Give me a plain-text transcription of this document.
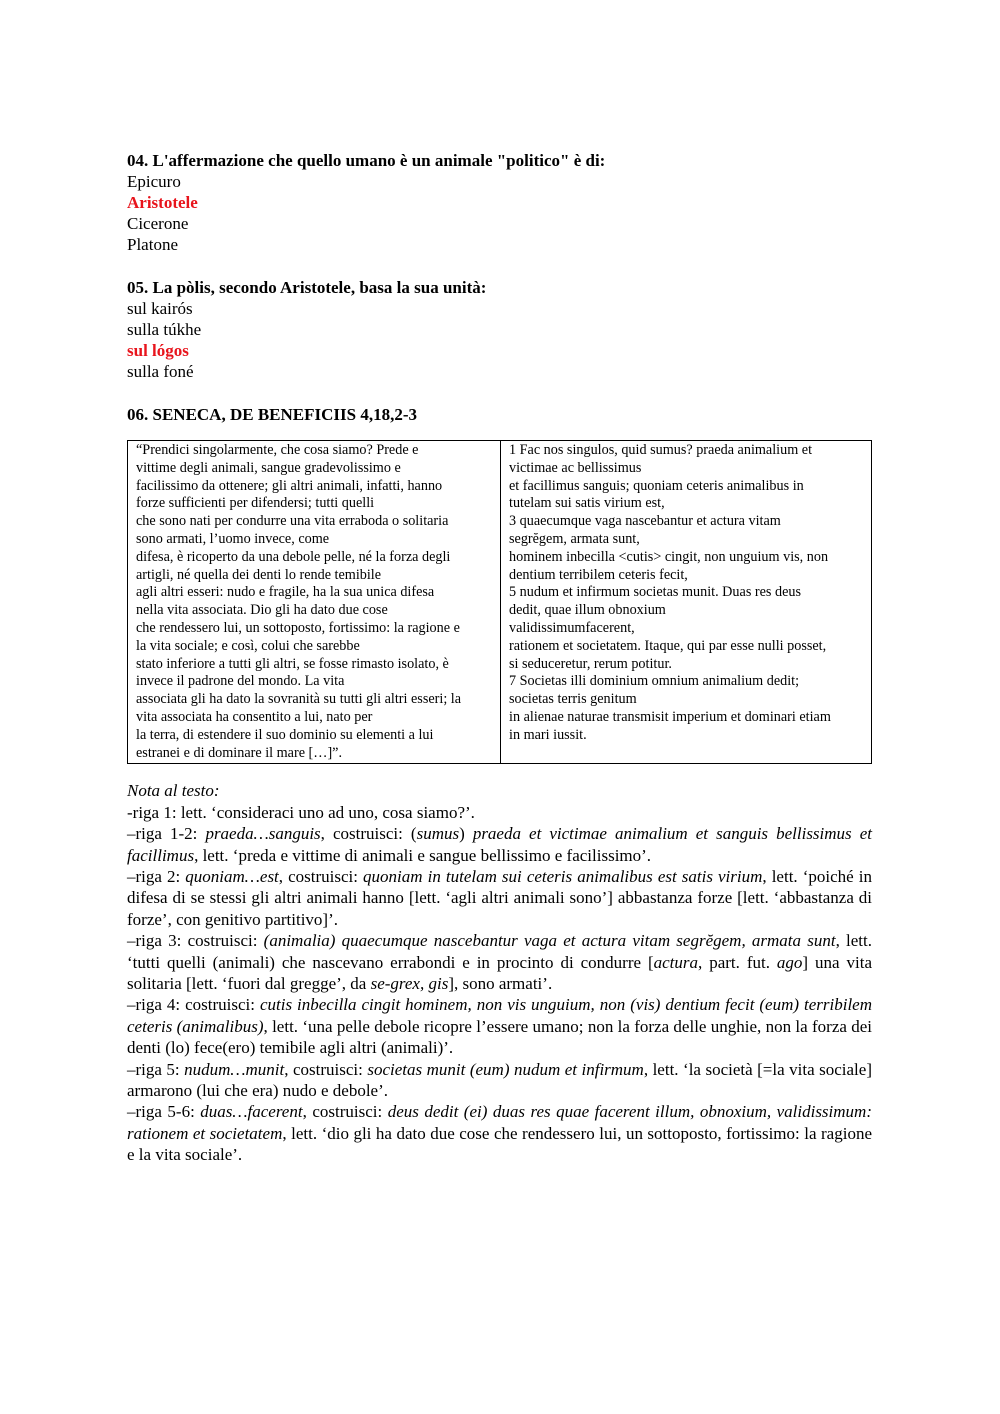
04. L'affermazione che quello umano è un animale "politico" è di:

Epicuro

Aristotele

Cicerone

Platone

05. La pòlis, secondo Aristotele, basa la sua unità:

sul kairós

sulla túkhe

sul lógos

sulla foné

06. SENECA, DE BENEFICIIS 4,18,2-3

“Prendici singolarmente, che cosa siamo? Prede e
vittime degli animali, sangue gradevolissimo e
facilissimo da ottenere; gli altri animali, infatti, hanno
forze sufficienti per difendersi; tutti quelli
che sono nati per condurre una vita erraboda o solitaria
sono armati, l’uomo invece, come
difesa, è ricoperto da una debole pelle, né la forza degli
artigli, né quella dei denti lo rende temibile
agli altri esseri: nudo e fragile, ha la sua unica difesa
nella vita associata. Dio gli ha dato due cose
che rendessero lui, un sottoposto, fortissimo: la ragione e
la vita sociale; e così, colui che sarebbe
stato inferiore a tutti gli altri, se fosse rimasto isolato, è
invece il padrone del mondo. La vita
associata gli ha dato la sovranità su tutti gli altri esseri; la
vita associata ha consentito a lui, nato per
la terra, di estendere il suo dominio su elementi a lui
estranei e di dominare il mare […]”.

1 Fac nos singulos, quid sumus? praeda animalium et
victimae ac bellissimus
et facillimus sanguis; quoniam ceteris animalibus in
tutelam sui satis virium est,
3 quaecumque vaga nascebantur et actura vitam
segrĕgem, armata sunt,
hominem inbecilla <cutis> cingit, non unguium vis, non
dentium terribilem ceteris fecit,
5 nudum et infirmum societas munit. Duas res deus
dedit, quae illum obnoxium
validissimumfacerent,
rationem et societatem. Itaque, qui par esse nulli posset,
si seduceretur, rerum potitur.
7 Societas illi dominium omnium animalium dedit;
societas terris genitum
in alienae naturae transmisit imperium et dominari etiam
in mari iussit.
Nota al testo:
-riga 1: lett. ‘consideraci uno ad uno, cosa siamo?’.
–riga 1-2: praeda…sanguis, costruisci: (sumus) praeda et victimae animalium et sanguis bellissimus et facillimus, lett. ‘preda e vittime di animali e sangue bellissimo e facilissimo’.
–riga 2: quoniam…est, costruisci: quoniam in tutelam sui ceteris animalibus est satis virium, lett. ‘poiché in difesa di se stessi gli altri animali hanno [lett. ‘agli altri animali sono’] abbastanza forze [lett. ‘abbastanza di forze’, con genitivo partitivo]’.
–riga 3: costruisci: (animalia) quaecumque nascebantur vaga et actura vitam segrĕgem, armata sunt, lett. ‘tutti quelli (animali) che nascevano errabondi e in procinto di condurre [actura, part. fut. ago] una vita solitaria [lett. ‘fuori dal gregge’, da se-grex, gis], sono armati’.
–riga 4: costruisci: cutis inbecilla cingit hominem, non vis unguium, non (vis) dentium fecit (eum) terribilem ceteris (animalibus), lett. ‘una pelle debole ricopre l’essere umano; non la forza delle unghie, non la forza dei denti (lo) fece(ero) temibile agli altri (animali)’.
–riga 5: nudum…munit, costruisci: societas munit (eum) nudum et infirmum, lett. ‘la società [=la vita sociale] armarono (lui che era) nudo e debole’.
–riga 5-6: duas…facerent, costruisci: deus dedit (ei) duas res quae facerent illum, obnoxium, validissimum: rationem et societatem, lett. ‘dio gli ha dato due cose che rendessero lui, un sottoposto, fortissimo: la ragione e la vita sociale’.
